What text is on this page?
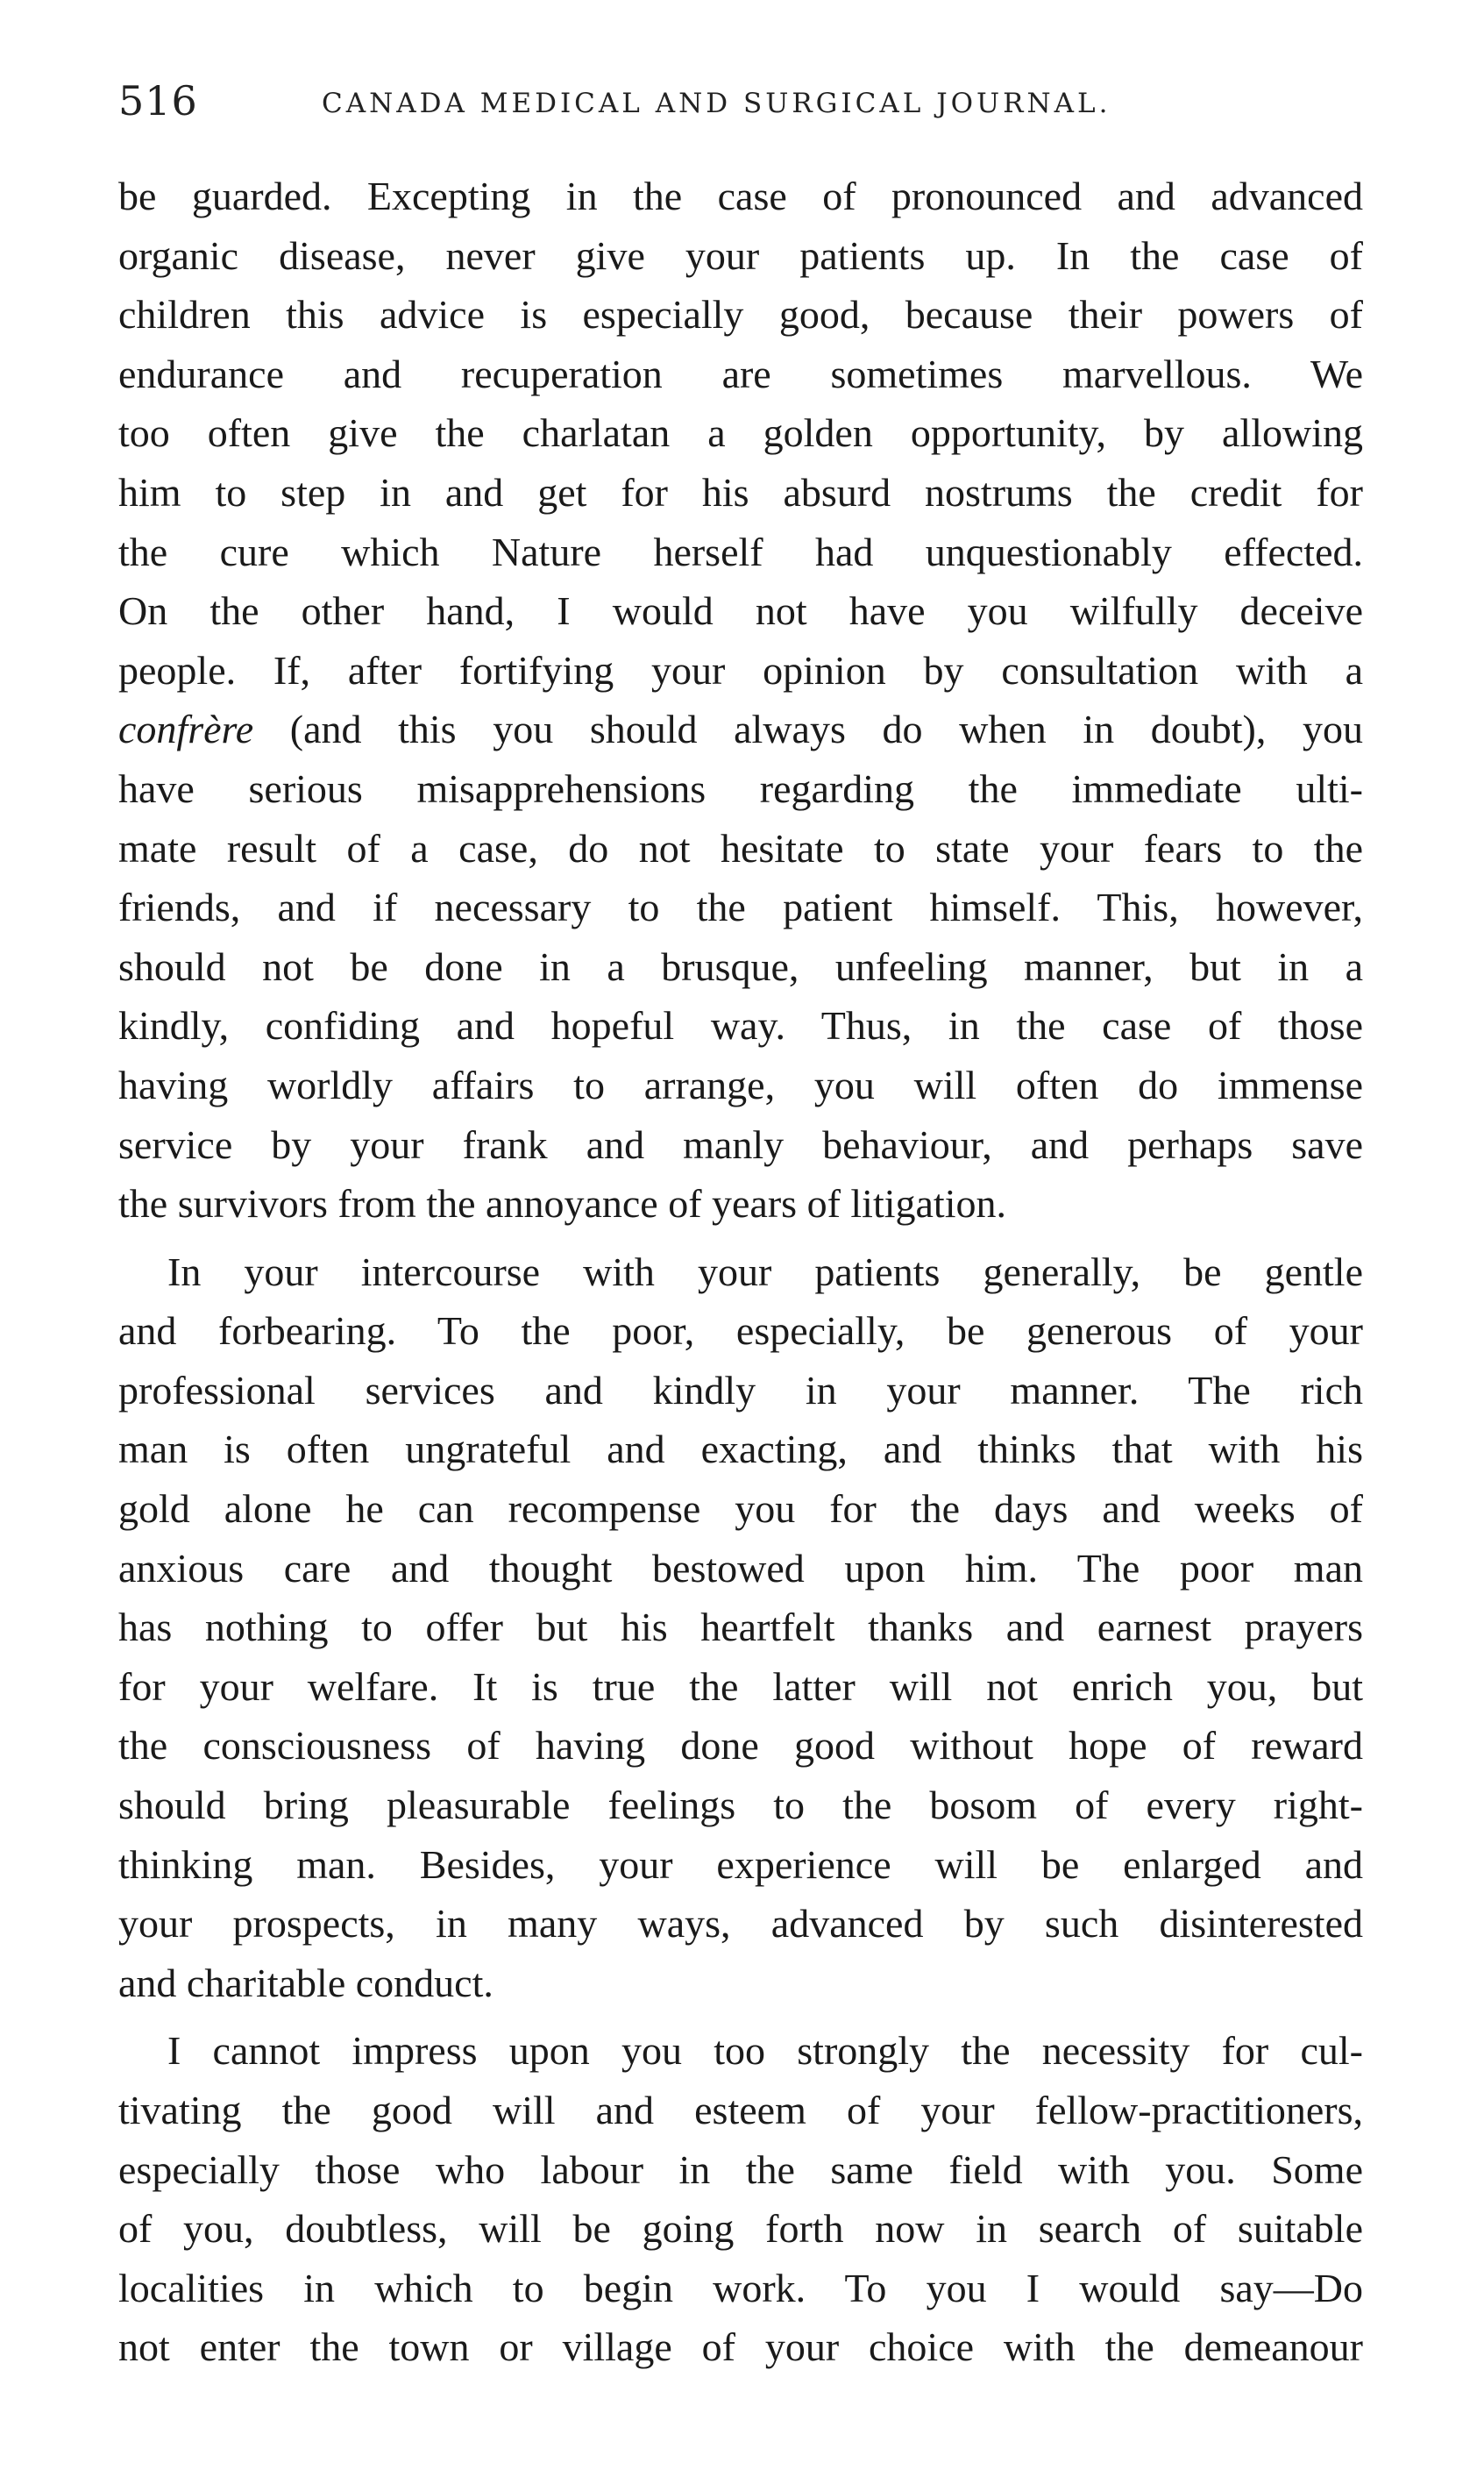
516	CANADA MEDICAL AND SURGICAL JOURNAL.
be guarded. Excepting in the case of pronounced and advanced
organic disease, never give your patients up. In the case of
children this advice is especially good, because their powers of
endurance and recuperation are sometimes marvellous. We
too often give the charlatan a golden opportunity, by allowing
him to step in and get for his absurd nostrums the credit for
the cure which Nature herself had unquestionably effected.
On the other hand, I would not have you wilfully deceive
people. If, after fortifying your opinion by consultation with a
confrère (and this you should always do when in doubt), you
have serious misapprehensions regarding the immediate ulti-
mate result of a case, do not hesitate to state your fears to the
friends, and if necessary to the patient himself. This, however,
should not be done in a brusque, unfeeling manner, but in a
kindly, confiding and hopeful way. Thus, in the case of those
having worldly affairs to arrange, you will often do immense
service by your frank and manly behaviour, and perhaps save
the survivors from the annoyance of years of litigation.
In your intercourse with your patients generally, be gentle
and forbearing. To the poor, especially, be generous of your
professional services and kindly in your manner. The rich
man is often ungrateful and exacting, and thinks that with his
gold alone he can recompense you for the days and weeks of
anxious care and thought bestowed upon him. The poor man
has nothing to offer but his heartfelt thanks and earnest prayers
for your welfare. It is true the latter will not enrich you, but
the consciousness of having done good without hope of reward
should bring pleasurable feelings to the bosom of every right-
thinking man. Besides, your experience will be enlarged and
your prospects, in many ways, advanced by such disinterested
and charitable conduct.
I cannot impress upon you too strongly the necessity for cul-
tivating the good will and esteem of your fellow-practitioners,
especially those who labour in the same field with you. Some
of you, doubtless, will be going forth now in search of suitable
localities in which to begin work. To you I would say—Do
not enter the town or village of your choice with the demeanour
